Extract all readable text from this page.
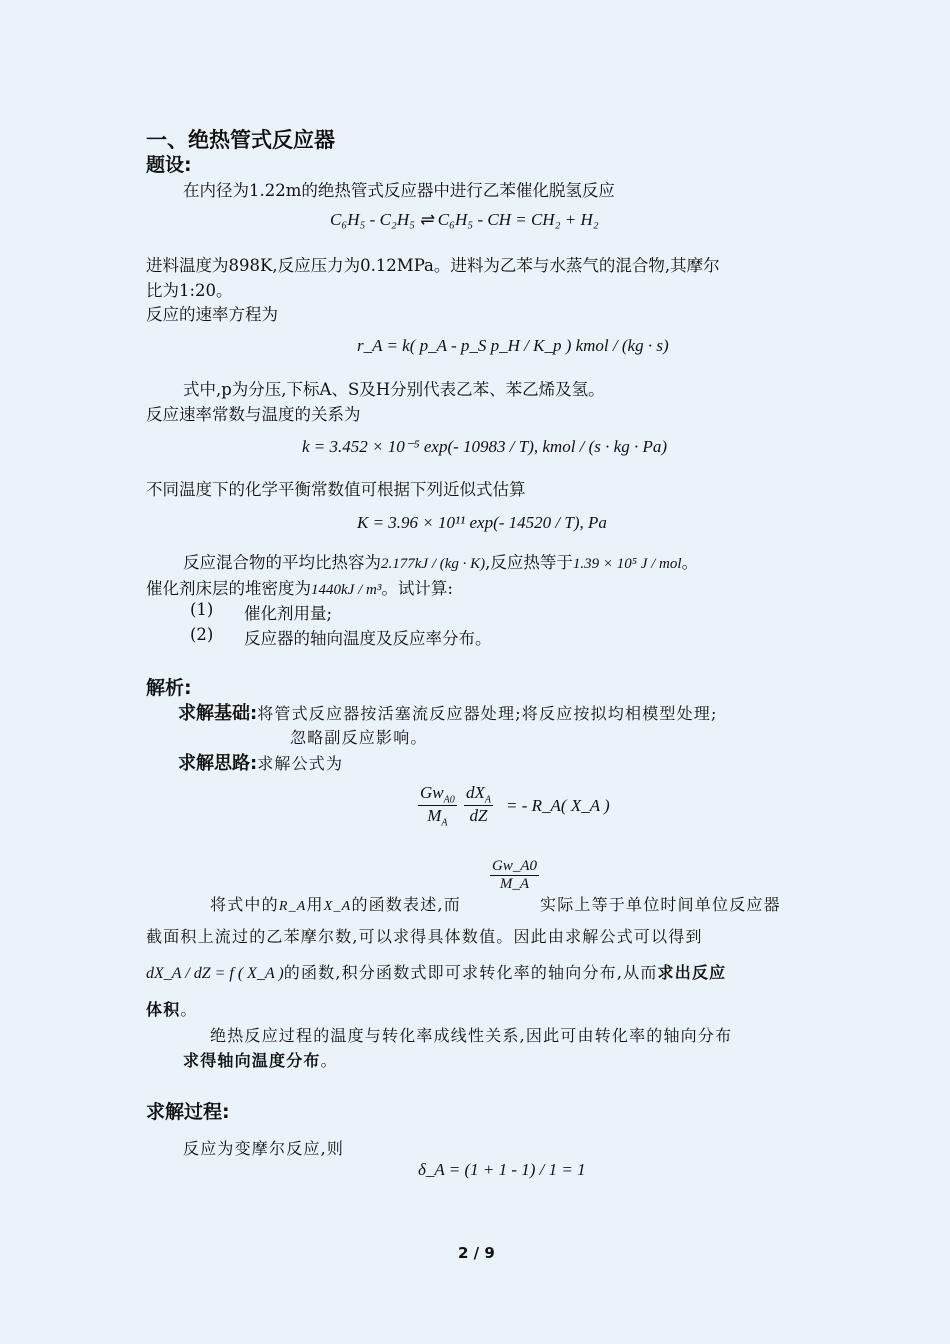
一、绝热管式反应器
题设:
在内径为1.22m的绝热管式反应器中进行乙苯催化脱氢反应
C₆H₅ - C₂H₅ ⇌ C₆H₅ - CH = CH₂ + H₂
进料温度为898K,反应压力为0.12MPa。进料为乙苯与水蒸气的混合物,其摩尔
比为1:20。
反应的速率方程为
r_A = k( p_A - p_S p_H / K_p ) kmol / (kg · s)
式中,p为分压,下标A、S及H分别代表乙苯、苯乙烯及氢。
反应速率常数与温度的关系为
k = 3.452 × 10⁻⁵ exp(- 10983 / T), kmol / (s · kg · Pa)
不同温度下的化学平衡常数值可根据下列近似式估算
K = 3.96 × 10¹¹ exp(- 14520 / T), Pa
反应混合物的平均比热容为2.177kJ / (kg · K),反应热等于1.39 × 10⁵ J / mol。
催化剂床层的堆密度为1440kJ / m³。试计算:
(1) 催化剂用量;
(2) 反应器的轴向温度及反应率分布。
解析:
求解基础:将管式反应器按活塞流反应器处理;将反应按拟均相模型处理;
忽略副反应影响。
求解思路:求解公式为
$Gw_{A0}$
$M_A$
$dX_A$
dZ
= - R_A( X_A )
$\frac{Gw\_A0}{M\_A}$
将式中的R_A用X_A的函数表述,而	实际上等于单位时间单位反应器
截面积上流过的乙苯摩尔数,可以求得具体数值。因此由求解公式可以得到
dX_A / dZ = f ( X_A )的函数,积分函数式即可求转化率的轴向分布,从而求出反应
体积。
绝热反应过程的温度与转化率成线性关系,因此可由转化率的轴向分布
求得轴向温度分布。
求解过程:
反应为变摩尔反应,则
δ_A = (1 + 1 - 1) / 1 = 1
2 / 9
